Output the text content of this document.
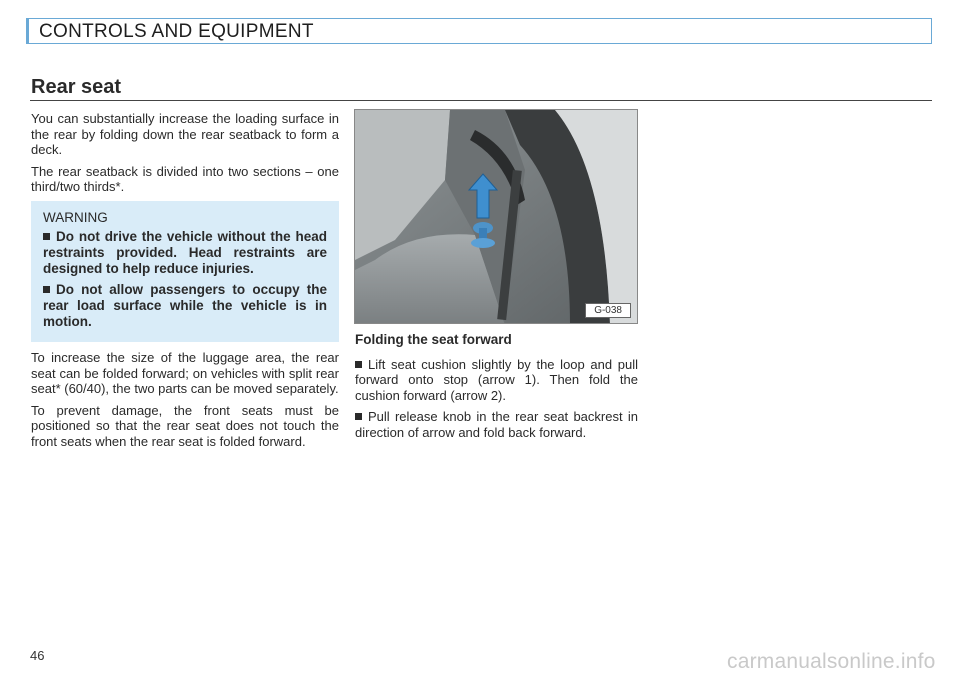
CONTROLS AND EQUIPMENT
Rear seat

You can substantially increase the loading surface in the rear by folding down the rear seatback to form a deck.

The rear seatback is divided into two sections – one third/two thirds*.

WARNING
Do not drive the vehicle without the head restraints provided. Head restraints are designed to help reduce injuries.
Do not allow passengers to occupy the rear load surface while the vehicle is in motion.

To increase the size of the luggage area, the rear seat can be folded forward; on vehicles with split rear seat* (60/40), the two parts can be moved separately.

To prevent damage, the front seats must be positioned so that the rear seat does not touch the front seats when the rear seat is folded forward.

G-038
Folding the seat forward

Lift seat cushion slightly by the loop and pull forward onto stop (arrow 1). Then fold the cushion forward (arrow 2).

Pull release knob in the rear seat backrest in direction of arrow and fold back forward.

46	carmanualsonline.info
